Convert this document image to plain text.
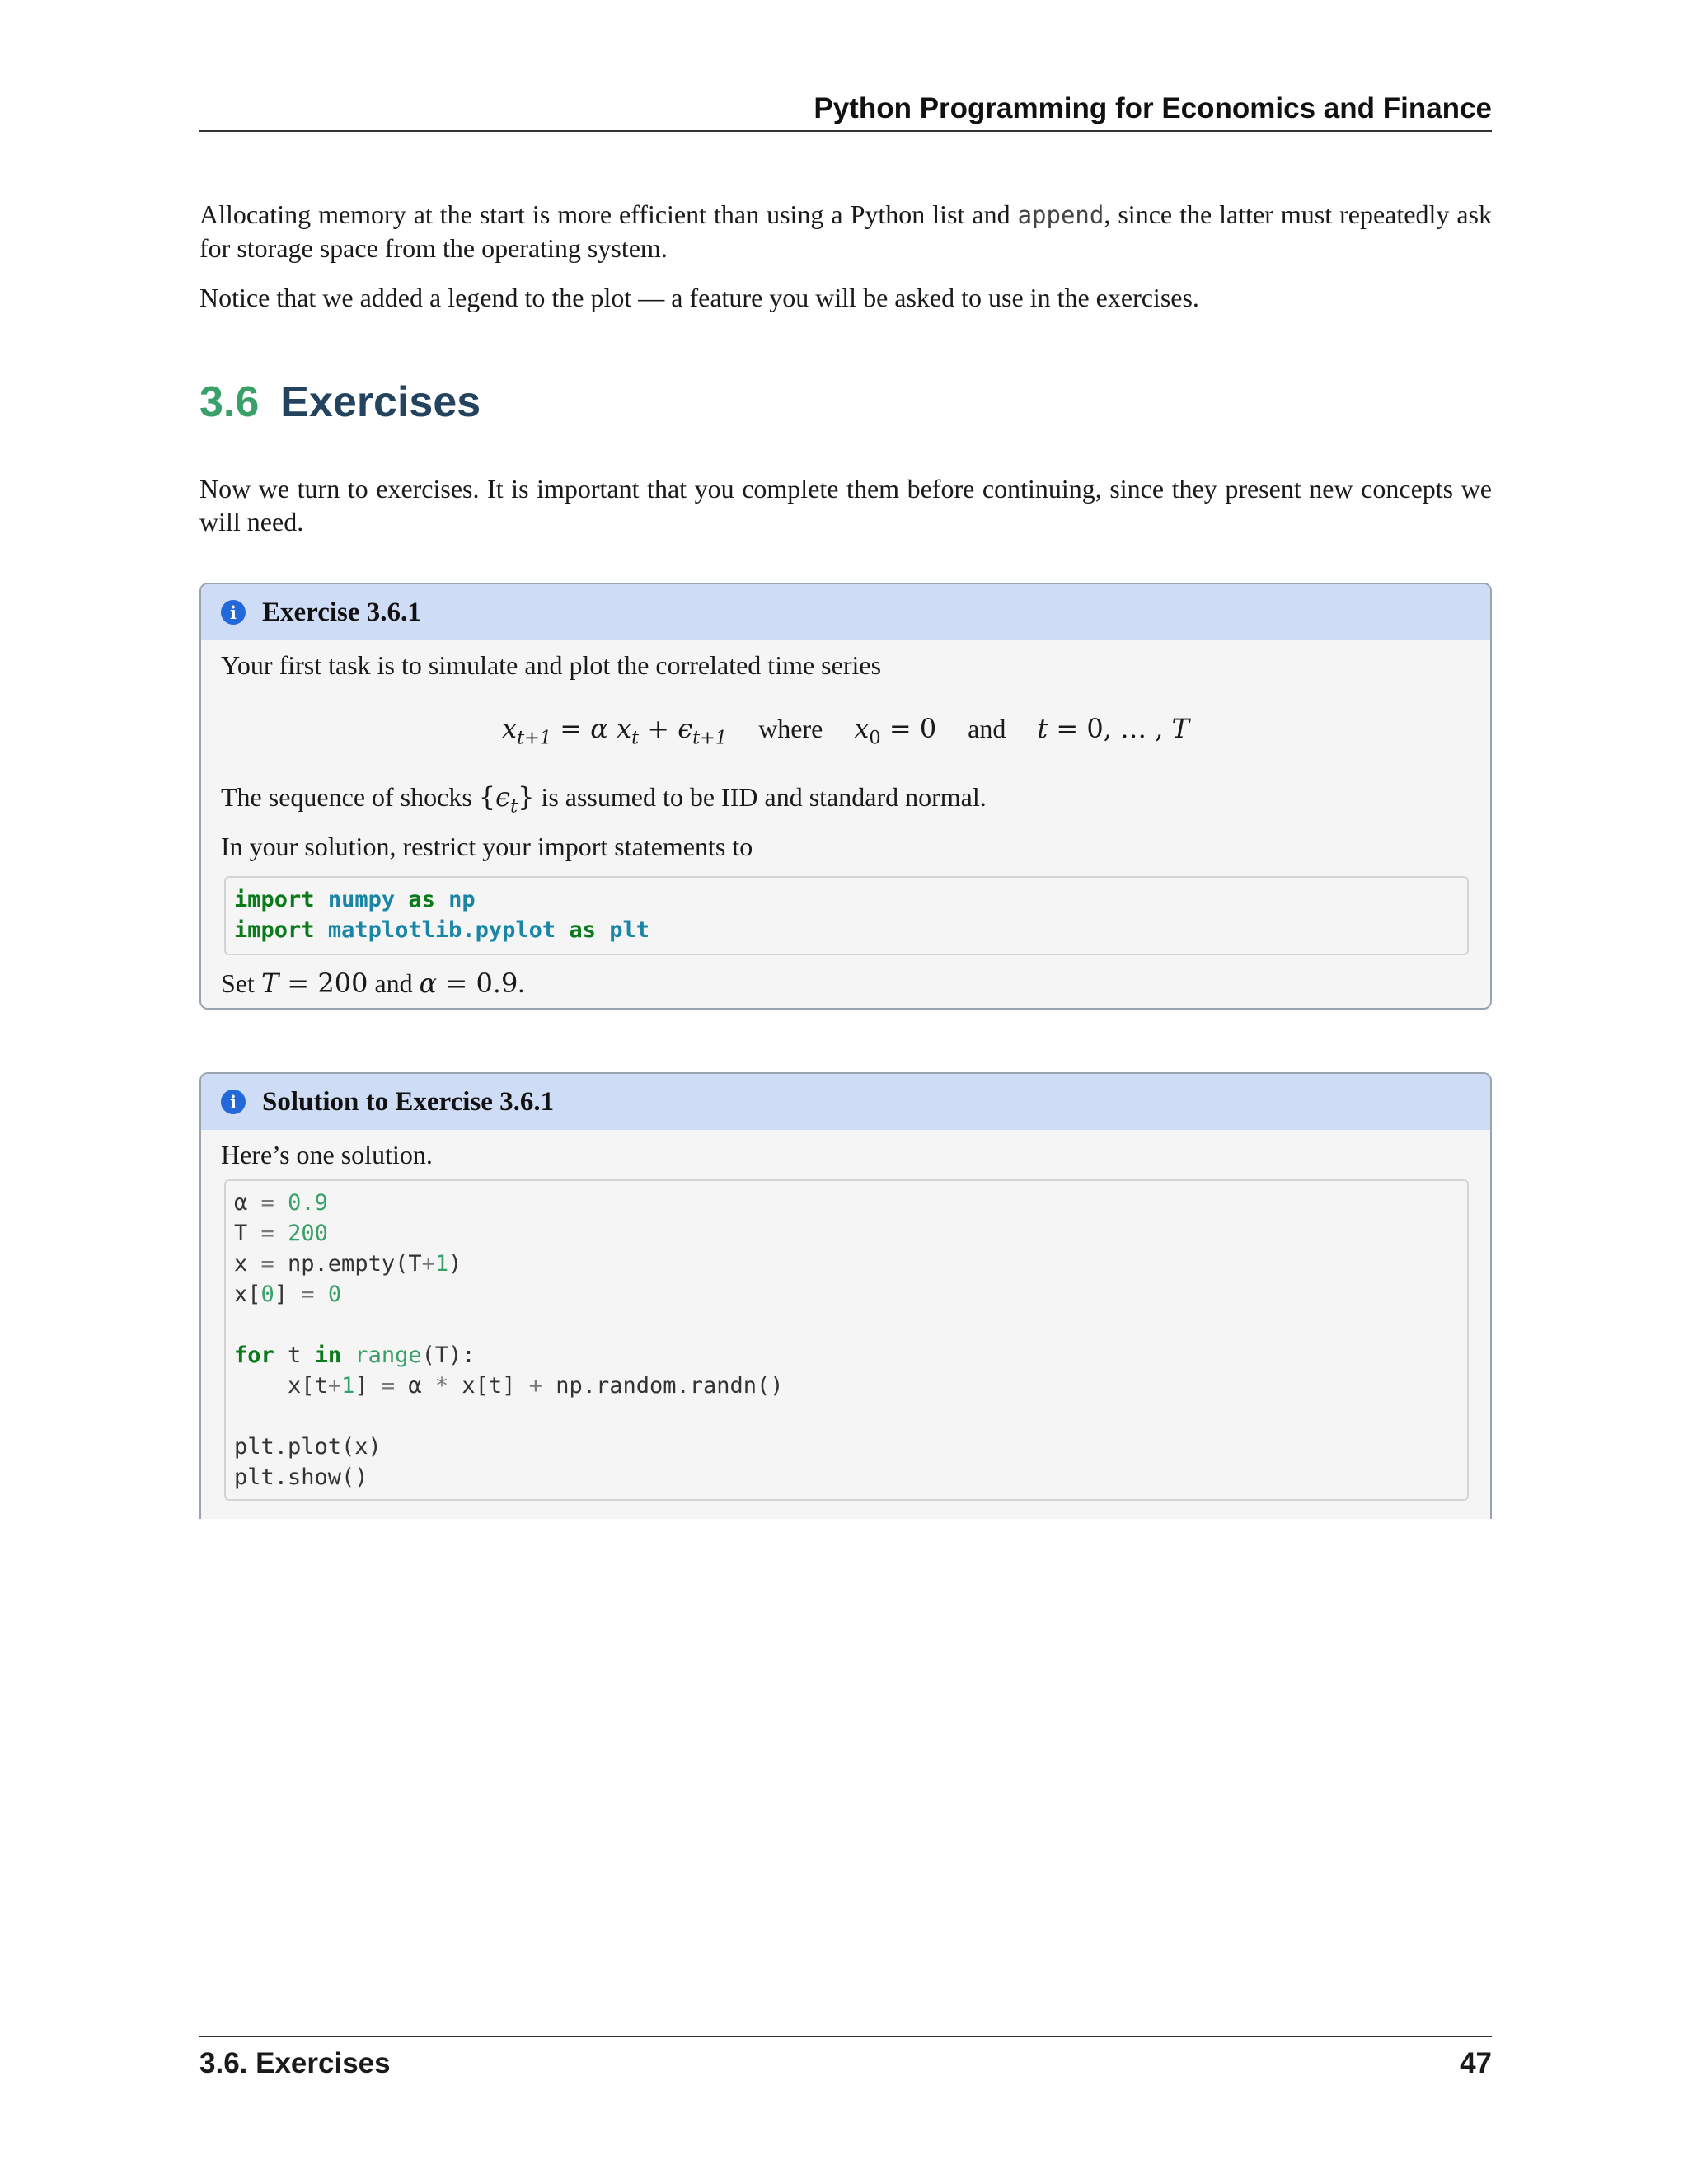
Python Programming for Economics and Finance

Allocating memory at the start is more efficient than using a Python list and append, since the latter must repeatedly ask for storage space from the operating system.

Notice that we added a legend to the plot — a feature you will be asked to use in the exercises.

3.6 Exercises

Now we turn to exercises. It is important that you complete them before continuing, since they present new concepts we will need.

i Exercise 3.6.1

Your first task is to simulate and plot the correlated time series

$x_{t+1} = \alpha$ $x_t + \epsilon_{t+1}$ where $x_0 = 0$ and t = 0, … , T

The sequence of shocks $\{\epsilon_t\}$ is assumed to be IID and standard normal.

In your solution, restrict your import statements to

import numpy as np
import matplotlib.pyplot as plt

Set T = 200 and α = 0.9.

i Solution to Exercise 3.6.1

Here’s one solution.

α = 0.9
T = 200
x = np.empty(T+1)
x[0] = 0

for t in range(T):
x[t+1] = α * x[t] + np.random.randn()

plt.plot(x)
plt.show()
3.6. Exercises	47
